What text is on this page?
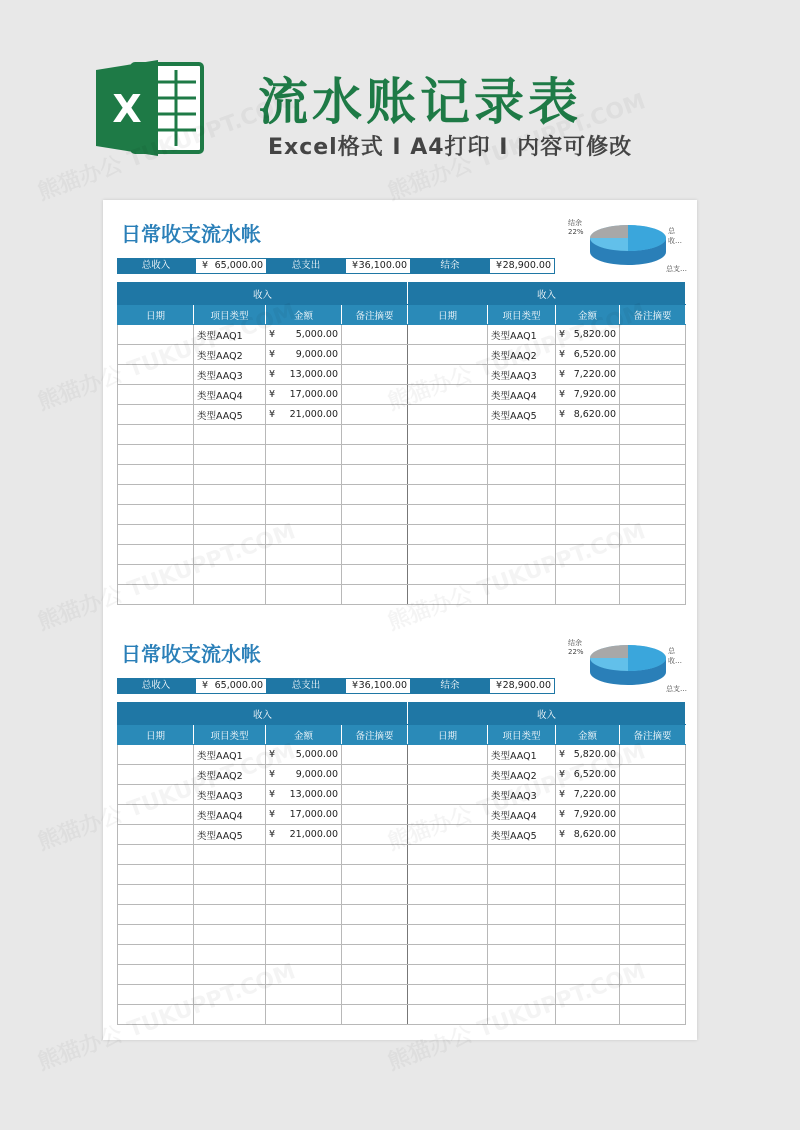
X 流水账记录表
Excel格式 I A4打印 I 内容可修改
日常收支流水帐	结余
22%	总收…
总支…
总收入	¥ 65,000.00	总支出	¥ 36,100.00	结余	¥ 28,900.00
收入				收入			
日期	项目类型	金额	备注摘要	日期	项目类型	金额	备注摘要
	类型AAQ1	¥ 5,000.00			类型AAQ1	¥ 5,820.00	

	类型AAQ2	¥ 9,000.00			类型AAQ2	¥ 6,520.00	

	类型AAQ3	¥ 13,000.00			类型AAQ3	¥ 7,220.00	

	类型AAQ4	¥ 17,000.00			类型AAQ4	¥ 7,920.00	

	类型AAQ5	¥ 21,000.00			类型AAQ5	¥ 8,620.00	

日常收支流水帐	结余
22%	总收…
总支…
总收入	¥ 65,000.00	总支出	¥ 36,100.00	结余	¥ 28,900.00
收入				收入			
日期	项目类型	金额	备注摘要	日期	项目类型	金额	备注摘要
	类型AAQ1	¥ 5,000.00			类型AAQ1	¥ 5,820.00	

	类型AAQ2	¥ 9,000.00			类型AAQ2	¥ 6,520.00	

	类型AAQ3	¥ 13,000.00			类型AAQ3	¥ 7,220.00	

	类型AAQ4	¥ 17,000.00			类型AAQ4	¥ 7,920.00	

	类型AAQ5	¥ 21,000.00			类型AAQ5	¥ 8,620.00	
